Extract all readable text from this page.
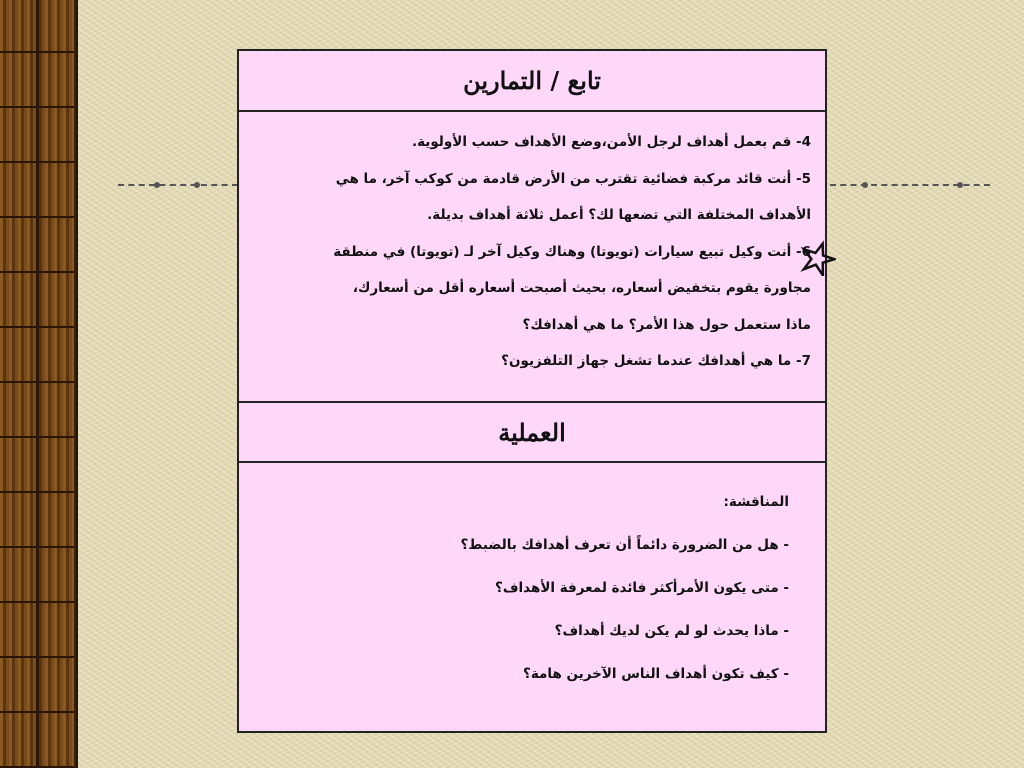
تابع / التمارين
4- قم بعمل أهداف لرجل الأمن،وضع الأهداف حسب الأولوية.
5- أنت قائد مركبة فضائية تقترب من الأرض قادمة من كوكب آخر، ما هي
الأهداف المختلفة التي تضعها لك؟ أعمل ثلاثة أهداف بديلة.
6- أنت وكيل تبيع سيارات (تويوتا) وهناك وكيل آخر لـ (تويوتا) في منطقة
مجاورة يقوم بتخفيض أسعاره، بحيث أصبحت أسعاره أقل من أسعارك،
ماذا ستعمل حول هذا الأمر؟ ما هي أهدافك؟
7- ما هي أهدافك عندما تشغل جهاز التلفزيون؟
العملية
المناقشة:
- هل من الضرورة دائماً أن تعرف أهدافك بالضبط؟
- متى يكون الأمرأكثر فائدة لمعرفة الأهداف؟
- ماذا يحدث لو لم يكن لديك أهداف؟
- كيف تكون أهداف الناس الآخرين هامة؟
